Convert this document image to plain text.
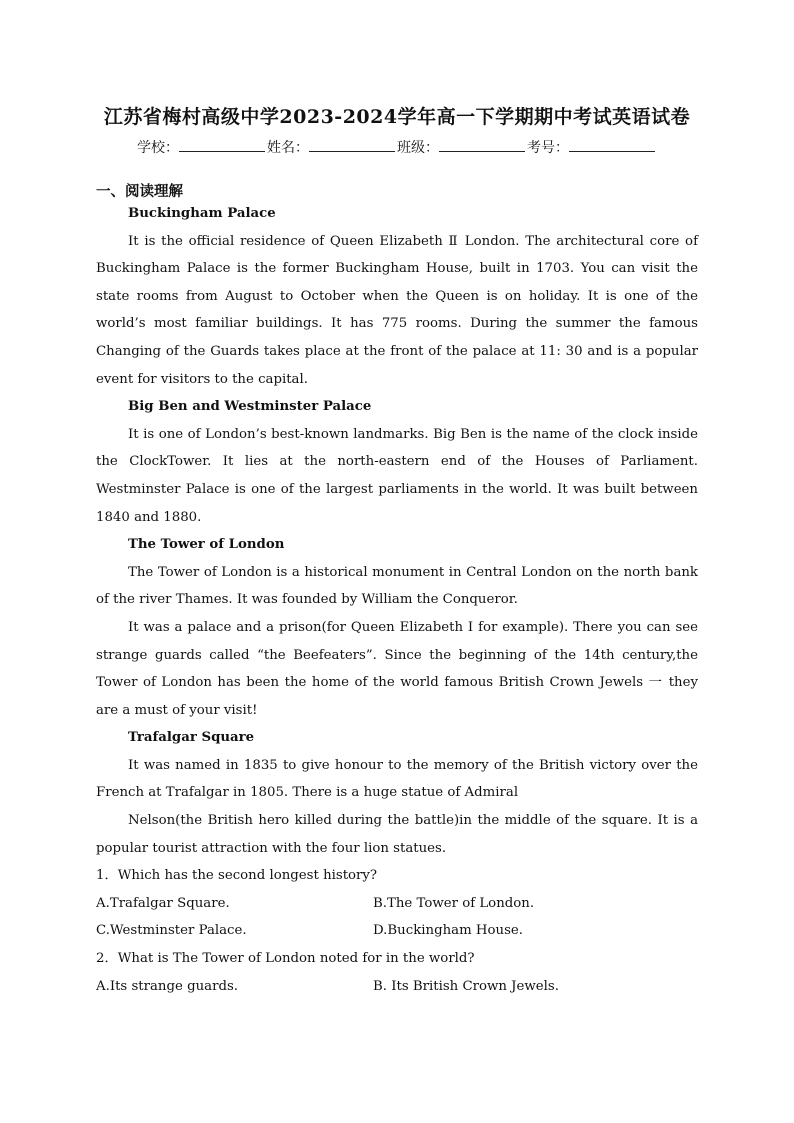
江苏省梅村高级中学2023-2024学年高一下学期期中考试英语试卷
学校：	姓名：	班级：	考号：
一、阅读理解
Buckingham Palace

It is the official residence of Queen Elizabeth Ⅱ London. The architectural core of Buckingham Palace is the former Buckingham House, built in 1703. You can visit the state rooms from August to October when the Queen is on holiday. It is one of the world’s most familiar buildings. It has 775 rooms. During the summer the famous Changing of the Guards takes place at the front of the palace at 11: 30 and is a popular event for visitors to the capital.

Big Ben and Westminster Palace

It is one of London’s best-known landmarks. Big Ben is the name of the clock inside the ClockTower. It lies at the north-eastern end of the Houses of Parliament. Westminster Palace is one of the largest parliaments in the world. It was built between 1840 and 1880.

The Tower of London

The Tower of London is a historical monument in Central London on the north bank of the river Thames. It was founded by William the Conqueror.

It was a palace and a prison(for Queen Elizabeth I for example). There you can see strange guards called “the Beefeaters”. Since the beginning of the 14th century,the Tower of London has been the home of the world famous British Crown Jewels 一 they are a must of your visit!

Trafalgar Square

It was named in 1835 to give honour to the memory of the British victory over the French at Trafalgar in 1805. There is a huge statue of Admiral

Nelson(the British hero killed during the battle)in the middle of the square. It is a popular tourist attraction with the four lion statues.

1．Which has the second longest history?

A.Trafalgar Square.	B.The Tower of London.

C.Westminster Palace.	D.Buckingham House.

2．What is The Tower of London noted for in the world?

A.Its strange guards.	B. Its British Crown Jewels.
